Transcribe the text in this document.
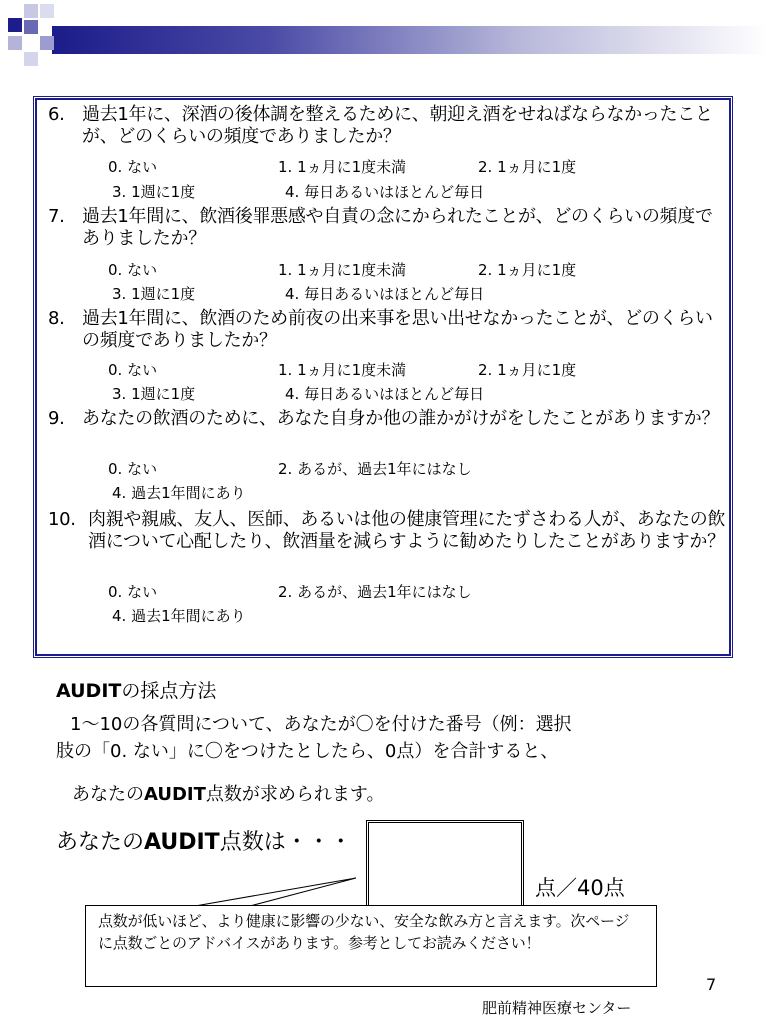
6. 過去1年に、深酒の後体調を整えるために、朝迎え酒をせねばならなかったことが、どのくらいの頻度でありましたか？
0. ない	1. 1ヵ月に1度未満	2. 1ヵ月に1度
3. 1週に1度	4. 毎日あるいはほとんど毎日
7. 過去1年間に、飲酒後罪悪感や自責の念にかられたことが、どのくらいの頻度でありましたか？
0. ない	1. 1ヵ月に1度未満	2. 1ヵ月に1度
3. 1週に1度	4. 毎日あるいはほとんど毎日
8. 過去1年間に、飲酒のため前夜の出来事を思い出せなかったことが、どのくらいの頻度でありましたか？
0. ない	1. 1ヵ月に1度未満	2. 1ヵ月に1度
3. 1週に1度	4. 毎日あるいはほとんど毎日
9. あなたの飲酒のために、あなた自身か他の誰かがけがをしたことがありますか？
0. ない	2. あるが、過去1年にはなし
4. 過去1年間にあり
10. 肉親や親戚、友人、医師、あるいは他の健康管理にたずさわる人が、あなたの飲酒について心配したり、飲酒量を減らすように勧めたりしたことがありますか？
0. ない	2. あるが、過去1年にはなし
4. 過去1年間にあり
AUDITの採点方法
1～10の各質問について、あなたが〇を付けた番号（例：選択
肢の「0. ない」に〇をつけたとしたら、0点）を合計すると、
あなたのAUDIT点数が求められます。
あなたのAUDIT点数は・・・
点／40点
点数が低いほど、より健康に影響の少ない、安全な飲み方と言えます。次ページに点数ごとのアドバイスがあります。参考としてお読みください！
7
肥前精神医療センター
